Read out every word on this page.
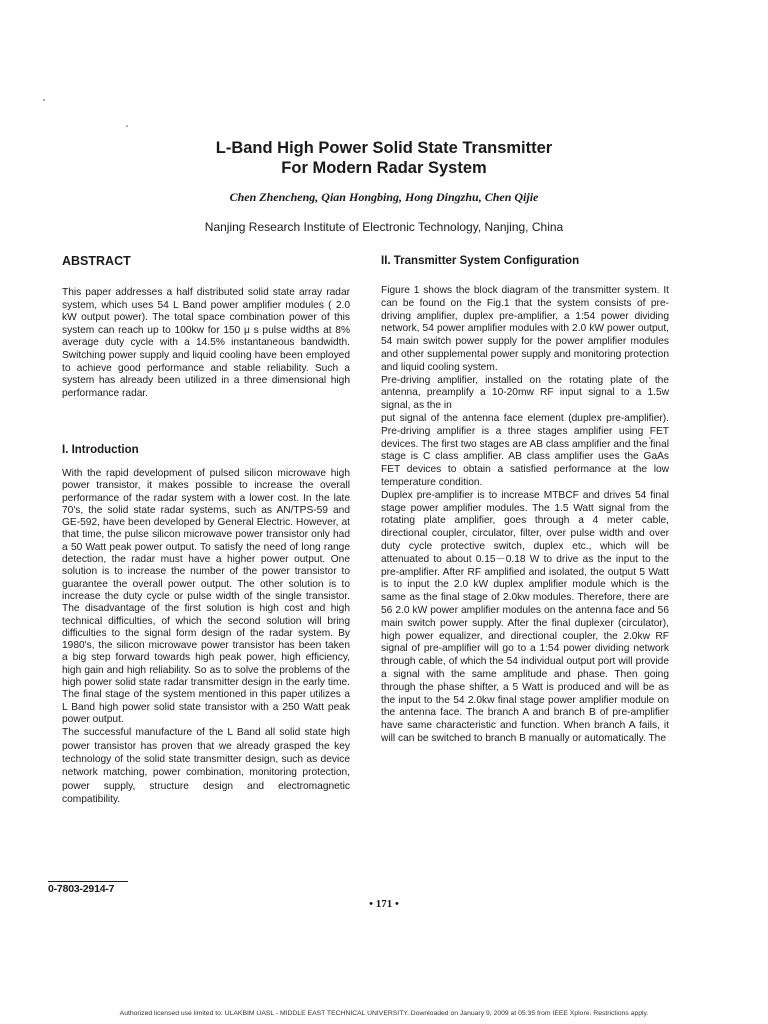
L-Band High Power Solid State Transmitter
For Modern Radar System
Chen Zhencheng, Qian Hongbing, Hong Dingzhu, Chen Qijie
Nanjing Research Institute of Electronic Technology, Nanjing, China
ABSTRACT

This paper addresses a half distributed solid state array radar system, which uses 54 L Band power amplifier modules ( 2.0 kW output power). The total space combination power of this system can reach up to 100kw for 150 μ s pulse widths at 8% average duty cycle with a 14.5% instantaneous bandwidth. Switching power supply and liquid cooling have been employed to achieve good performance and stable reliability. Such a system has already been utilized in a three dimensional high performance radar.

I. Introduction

With the rapid development of pulsed silicon microwave high power transistor, it makes possible to increase the overall performance of the radar system with a lower cost. In the late 70's, the solid state radar systems, such as AN/TPS-59 and GE-592, have been developed by General Electric. However, at that time, the pulse silicon microwave power transistor only had a 50 Watt peak power output. To satisfy the need of long range detection, the radar must have a higher power output. One solution is to increase the number of the power transistor to guarantee the overall power output. The other solution is to increase the duty cycle or pulse width of the single transistor. The disadvantage of the first solution is high cost and high technical difficulties, of which the second solution will bring difficulties to the signal form design of the radar system. By 1980's, the silicon microwave power transistor has been taken a big step forward towards high peak power, high efficiency, high gain and high reliability. So as to solve the problems of the high power solid state radar transmitter design in the early time. The final stage of the system mentioned in this paper utilizes a L Band high power solid state transistor with a 250 Watt peak power output.

The successful manufacture of the L Band all solid state high power transistor has proven that we already grasped the key technology of the solid state transmitter design, such as device network matching, power combination, monitoring protection, power supply, structure design and electromagnetic compatibility.

II. Transmitter System Configuration

Figure 1 shows the block diagram of the transmitter system. It can be found on the Fig.1 that the system consists of pre-driving amplifier, duplex pre-amplifier, a 1:54 power dividing network, 54 power amplifier modules with 2.0 kW power output, 54 main switch power supply for the power amplifier modules and other supplemental power supply and monitoring protection and liquid cooling system.

Pre-driving amplifier, installed on the rotating plate of the antenna, preamplify a 10-20mw RF input signal to a 1.5w signal, as the in

put signal of the antenna face element (duplex pre-amplifier). Pre-driving amplifier is a three stages amplifier using FET devices. The first two stages are AB class amplifier and the final stage is C class amplifier. AB class amplifier uses the GaAs FET devices to obtain a satisfied performance at the low temperature condition.

Duplex pre-amplifier is to increase MTBCF and drives 54 final stage power amplifier modules. The 1.5 Watt signal from the rotating plate amplifier, goes through a 4 meter cable, directional coupler, circulator, filter, over pulse width and over duty cycle protective switch, duplex etc., which will be attenuated to about 0.15－0.18 W to drive as the input to the pre-amplifier. After RF amplified and isolated, the output 5 Watt is to input the 2.0 kW duplex amplifier module which is the same as the final stage of 2.0kw modules. Therefore, there are 56 2.0 kW power amplifier modules on the antenna face and 56 main switch power supply. After the final duplexer (circulator), high power equalizer, and directional coupler, the 2.0kw RF signal of pre-amplifier will go to a 1:54 power dividing network through cable, of which the 54 individual output port will provide a signal with the same amplitude and phase. Then going through the phase shifter, a 5 Watt is produced and will be as the input to the 54 2.0kw final stage power amplifier module on the antenna face. The branch A and branch B of pre-amplifier have same characteristic and function. When branch A fails, it will can be switched to branch B manually or automatically. The

0-7803-2914-7
• 171 •
Authorized licensed use limited to: ULAKBIM UASL - MIDDLE EAST TECHNICAL UNIVERSITY. Downloaded on January 9, 2009 at 05:35 from IEEE Xplore. Restrictions apply.
